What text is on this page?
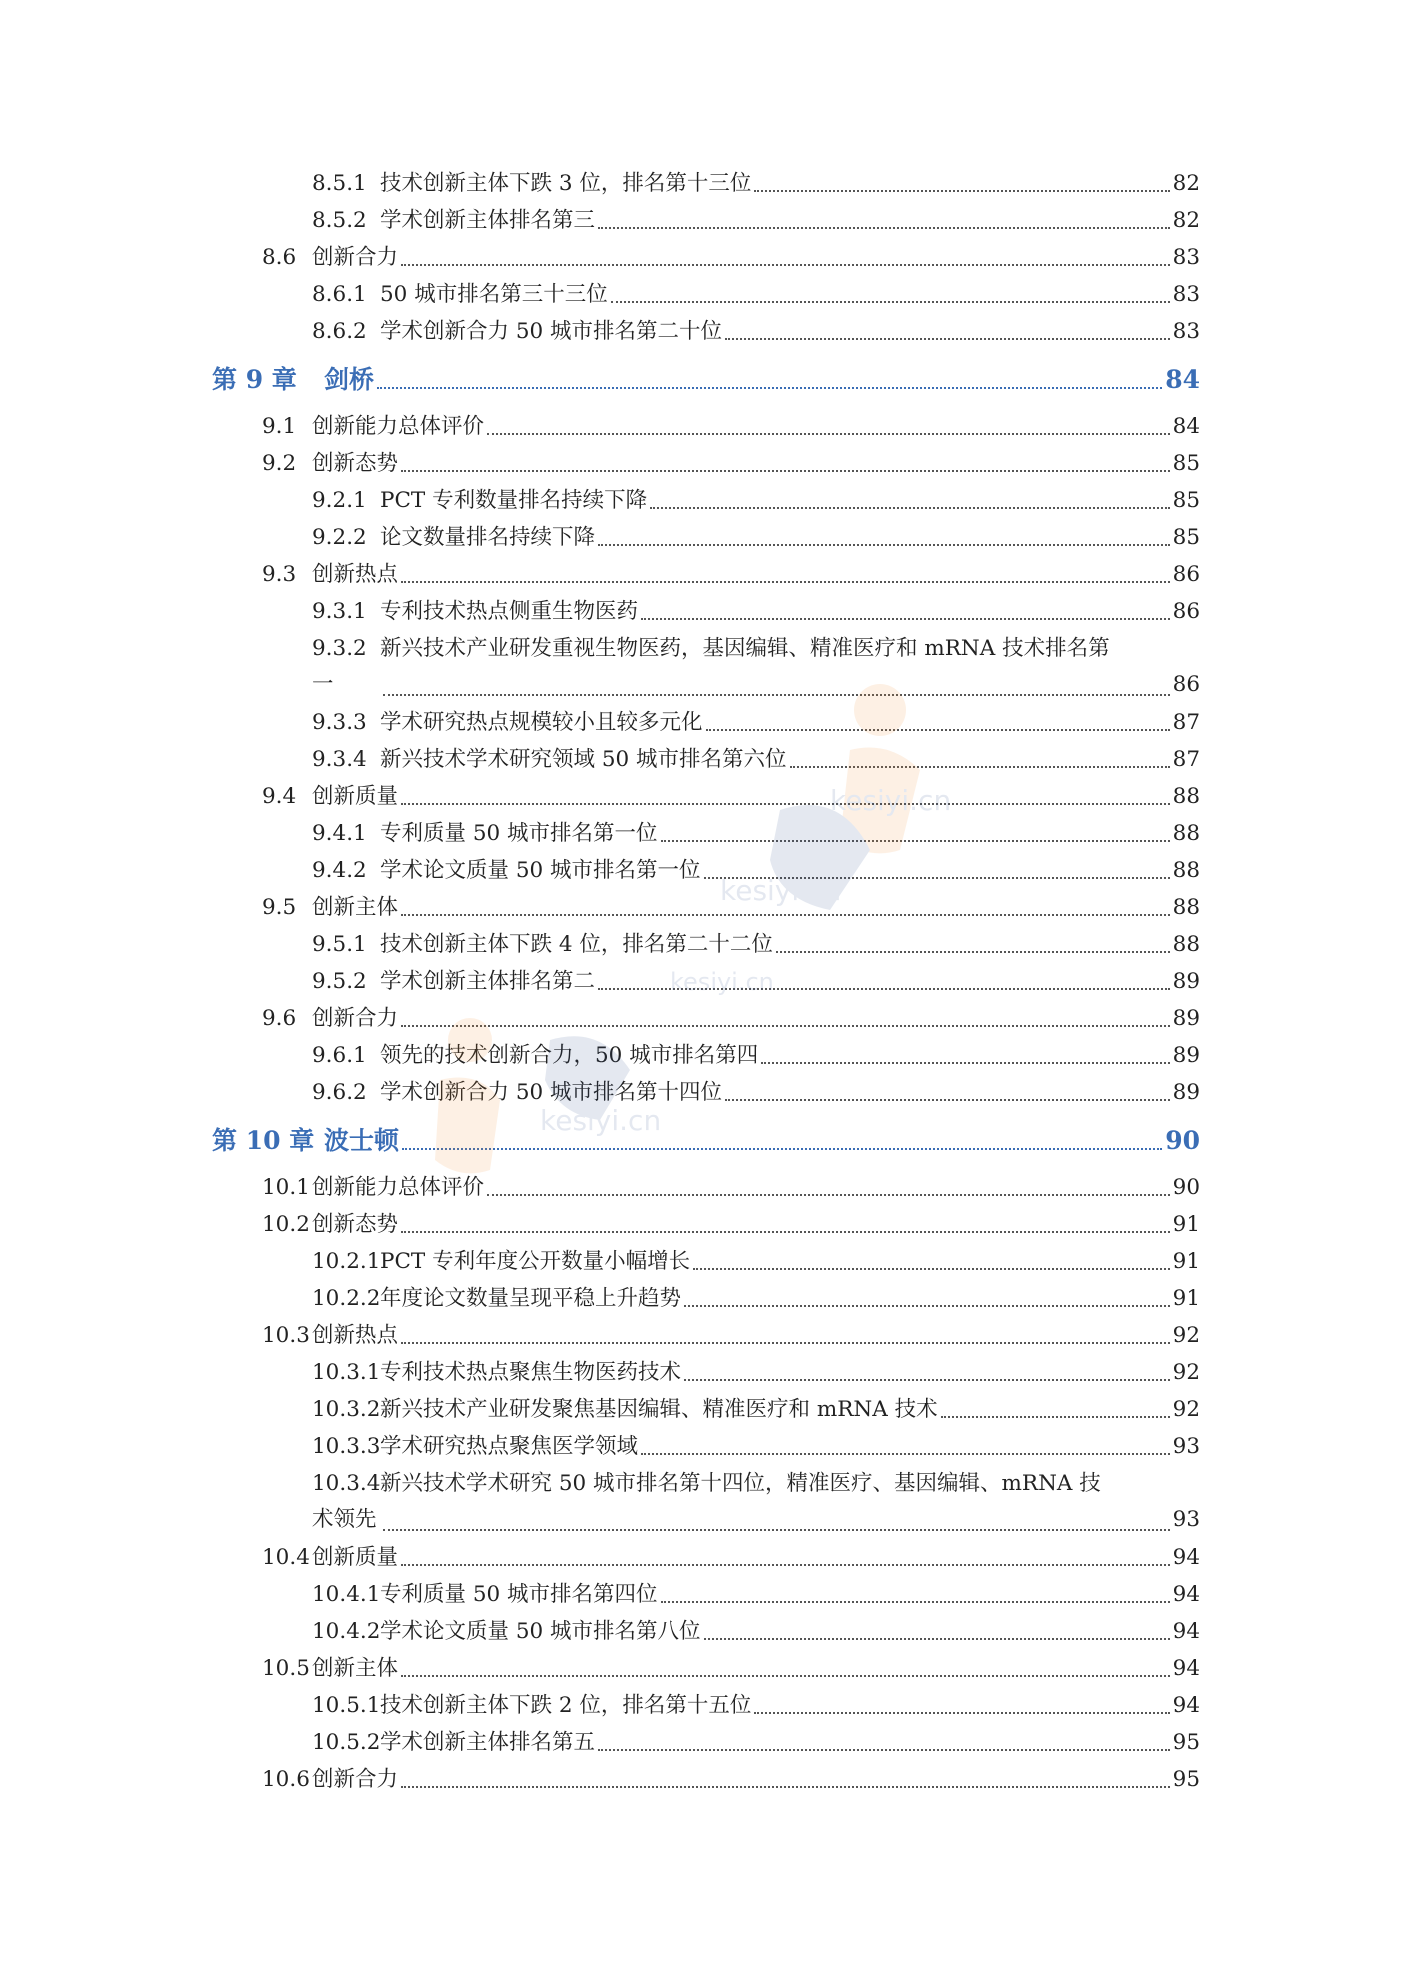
8.5.1 技术创新主体下跌 3 位，排名第十三位	82
8.5.2 学术创新主体排名第三	82
8.6 创新合力	83
8.6.1 50 城市排名第三十三位	83
8.6.2 学术创新合力 50 城市排名第二十位	83
第 9 章	剑桥	84
9.1 创新能力总体评价	84
9.2 创新态势	85
9.2.1 PCT 专利数量排名持续下降	85
9.2.2 论文数量排名持续下降	85
9.3 创新热点	86
9.3.1 专利技术热点侧重生物医药	86
9.3.2 新兴技术产业研发重视生物医药，基因编辑、精准医疗和 mRNA 技术排名第
一	86
9.3.3 学术研究热点规模较小且较多元化	87
9.3.4 新兴技术学术研究领域 50 城市排名第六位	87
9.4 创新质量	88
9.4.1 专利质量 50 城市排名第一位	88
9.4.2 学术论文质量 50 城市排名第一位	88
9.5 创新主体	88
9.5.1 技术创新主体下跌 4 位，排名第二十二位	88
9.5.2 学术创新主体排名第二	89
9.6 创新合力	89
9.6.1 领先的技术创新合力，50 城市排名第四	89
9.6.2 学术创新合力 50 城市排名第十四位	89
第 10 章 波士顿	90
10.1 创新能力总体评价	90
10.2 创新态势	91
10.2.1 PCT 专利年度公开数量小幅增长	91
10.2.2 年度论文数量呈现平稳上升趋势	91
10.3 创新热点	92
10.3.1 专利技术热点聚焦生物医药技术	92
10.3.2 新兴技术产业研发聚焦基因编辑、精准医疗和 mRNA 技术	92
10.3.3 学术研究热点聚焦医学领域	93
10.3.4 新兴技术学术研究 50 城市排名第十四位，精准医疗、基因编辑、mRNA 技
术领先	93
10.4 创新质量	94
10.4.1 专利质量 50 城市排名第四位	94
10.4.2 学术论文质量 50 城市排名第八位	94
10.5 创新主体	94
10.5.1 技术创新主体下跌 2 位，排名第十五位	94
10.5.2 学术创新主体排名第五	95
10.6 创新合力	95
kesiyi.cn
kesiyi.cn
kesiyi.cn
kesiyi.cn
